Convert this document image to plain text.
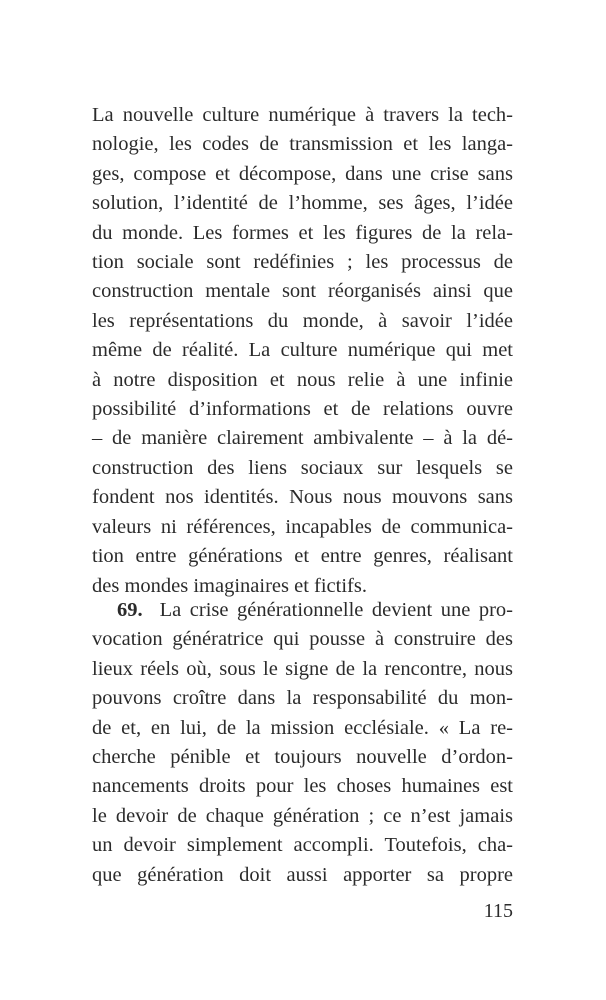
La nouvelle culture numérique à travers la tech-
nologie, les codes de transmission et les langa-
ges, compose et décompose, dans une crise sans
solution, l’identité de l’homme, ses âges, l’idée
du monde. Les formes et les figures de la rela-
tion sociale sont redéfinies ; les processus de
construction mentale sont réorganisés ainsi que
les représentations du monde, à savoir l’idée
même de réalité. La culture numérique qui met
à notre disposition et nous relie à une infinie
possibilité d’informations et de relations ouvre
– de manière clairement ambivalente – à la dé-
construction des liens sociaux sur lesquels se
fondent nos identités. Nous nous mouvons sans
valeurs ni références, incapables de communica-
tion entre générations et entre genres, réalisant
des mondes imaginaires et fictifs.
69. La crise générationnelle devient une pro-
vocation génératrice qui pousse à construire des
lieux réels où, sous le signe de la rencontre, nous
pouvons croître dans la responsabilité du mon-
de et, en lui, de la mission ecclésiale. « La re-
cherche pénible et toujours nouvelle d’ordon-
nancements droits pour les choses humaines est
le devoir de chaque génération ; ce n’est jamais
un devoir simplement accompli. Toutefois, cha-
que génération doit aussi apporter sa propre
115
